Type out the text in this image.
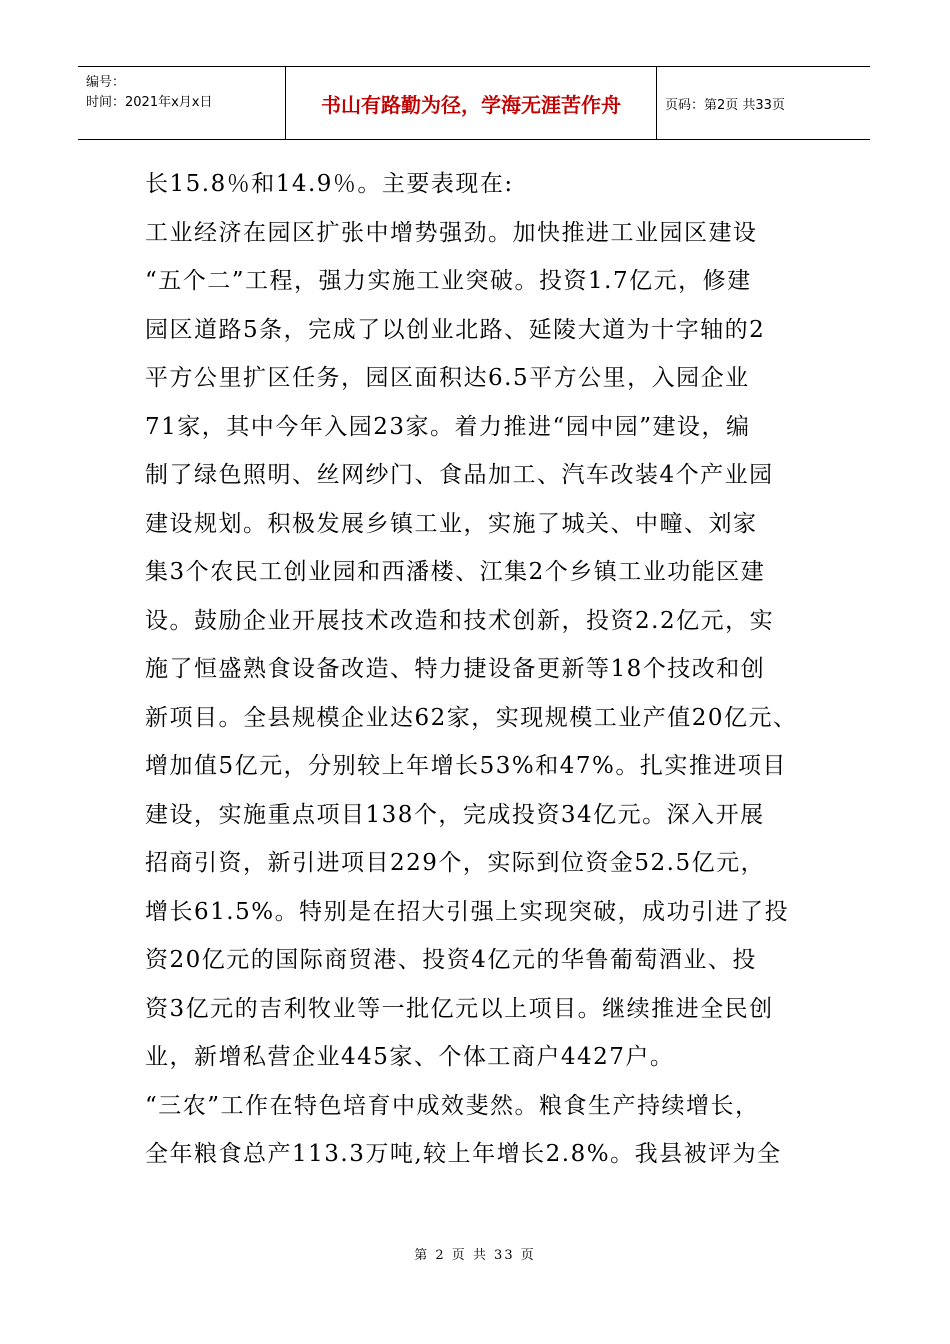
编号：
时间：2021年x月x日	书山有路勤为径，学海无涯苦作舟	页码：第2页 共33页

长15.8％和14.9％。主要表现在:

工业经济在园区扩张中增势强劲。加快推进工业园区建设

“五个二”工程，强力实施工业突破。投资1.7亿元，修建

园区道路5条，完成了以创业北路、延陵大道为十字轴的2

平方公里扩区任务，园区面积达6.5平方公里，入园企业

71家，其中今年入园23家。着力推进“园中园”建设，编

制了绿色照明、丝网纱门、食品加工、汽车改装4个产业园

建设规划。积极发展乡镇工业，实施了城关、中疃、刘家

集3个农民工创业园和西潘楼、江集2个乡镇工业功能区建

设。鼓励企业开展技术改造和技术创新，投资2.2亿元，实

施了恒盛熟食设备改造、特力捷设备更新等18个技改和创

新项目。全县规模企业达62家，实现规模工业产值20亿元、

增加值5亿元，分别较上年增长53%和47%。扎实推进项目

建设，实施重点项目138个，完成投资34亿元。深入开展

招商引资，新引进项目229个，实际到位资金52.5亿元，

增长61.5%。特别是在招大引强上实现突破，成功引进了投

资20亿元的国际商贸港、投资4亿元的华鲁葡萄酒业、投

资3亿元的吉利牧业等一批亿元以上项目。继续推进全民创

业，新增私营企业445家、个体工商户4427户。

“三农”工作在特色培育中成效斐然。粮食生产持续增长，

全年粮食总产113.3万吨,较上年增长2.8%。我县被评为全

第 2 页 共 33 页
